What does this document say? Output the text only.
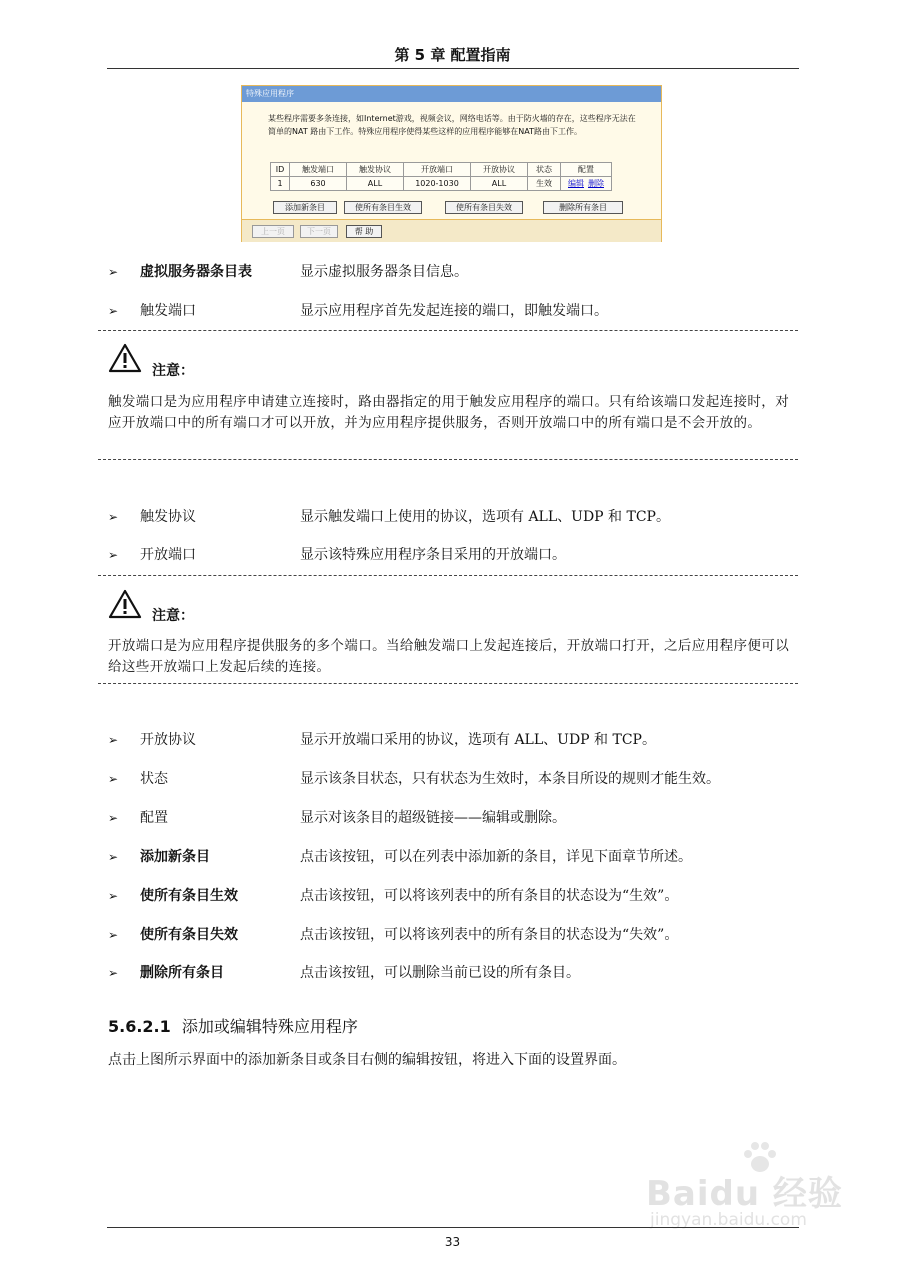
第 5 章 配置指南
特殊应用程序
某些程序需要多条连接，如Internet游戏，视频会议，网络电话等。由于防火墙的存在，这些程序无法在简单的NAT 路由下工作。特殊应用程序使得某些这样的应用程序能够在NAT路由下工作。
ID	触发端口	触发协议	开放端口	开放协议	状态	配置
1	630	ALL	1020-1030	ALL	生效	编辑 删除
添加新条目	使所有条目生效	使所有条目失效	删除所有条目
上一页	下一页	帮 助
➢ 虚拟服务器条目表	显示虚拟服务器条目信息。
➢ 触发端口	显示应用程序首先发起连接的端口，即触发端口。
注意：
触发端口是为应用程序申请建立连接时，路由器指定的用于触发应用程序的端口。只有给该端口发起连接时，对应开放端口中的所有端口才可以开放，并为应用程序提供服务，否则开放端口中的所有端口是不会开放的。
➢ 触发协议	显示触发端口上使用的协议，选项有 ALL、UDP 和 TCP。
➢ 开放端口	显示该特殊应用程序条目采用的开放端口。
注意：
开放端口是为应用程序提供服务的多个端口。当给触发端口上发起连接后，开放端口打开，之后应用程序便可以给这些开放端口上发起后续的连接。
➢ 开放协议	显示开放端口采用的协议，选项有 ALL、UDP 和 TCP。
➢ 状态	显示该条目状态，只有状态为生效时，本条目所设的规则才能生效。
➢ 配置	显示对该条目的超级链接——编辑或删除。
➢ 添加新条目	点击该按钮，可以在列表中添加新的条目，详见下面章节所述。
➢ 使所有条目生效	点击该按钮，可以将该列表中的所有条目的状态设为“生效”。
➢ 使所有条目失效	点击该按钮，可以将该列表中的所有条目的状态设为“失效”。
➢ 删除所有条目	点击该按钮，可以删除当前已设的所有条目。
5.6.2.1 添加或编辑特殊应用程序
点击上图所示界面中的添加新条目或条目右侧的编辑按钮，将进入下面的设置界面。
Baidu 经验
jingyan.baidu.com
33
